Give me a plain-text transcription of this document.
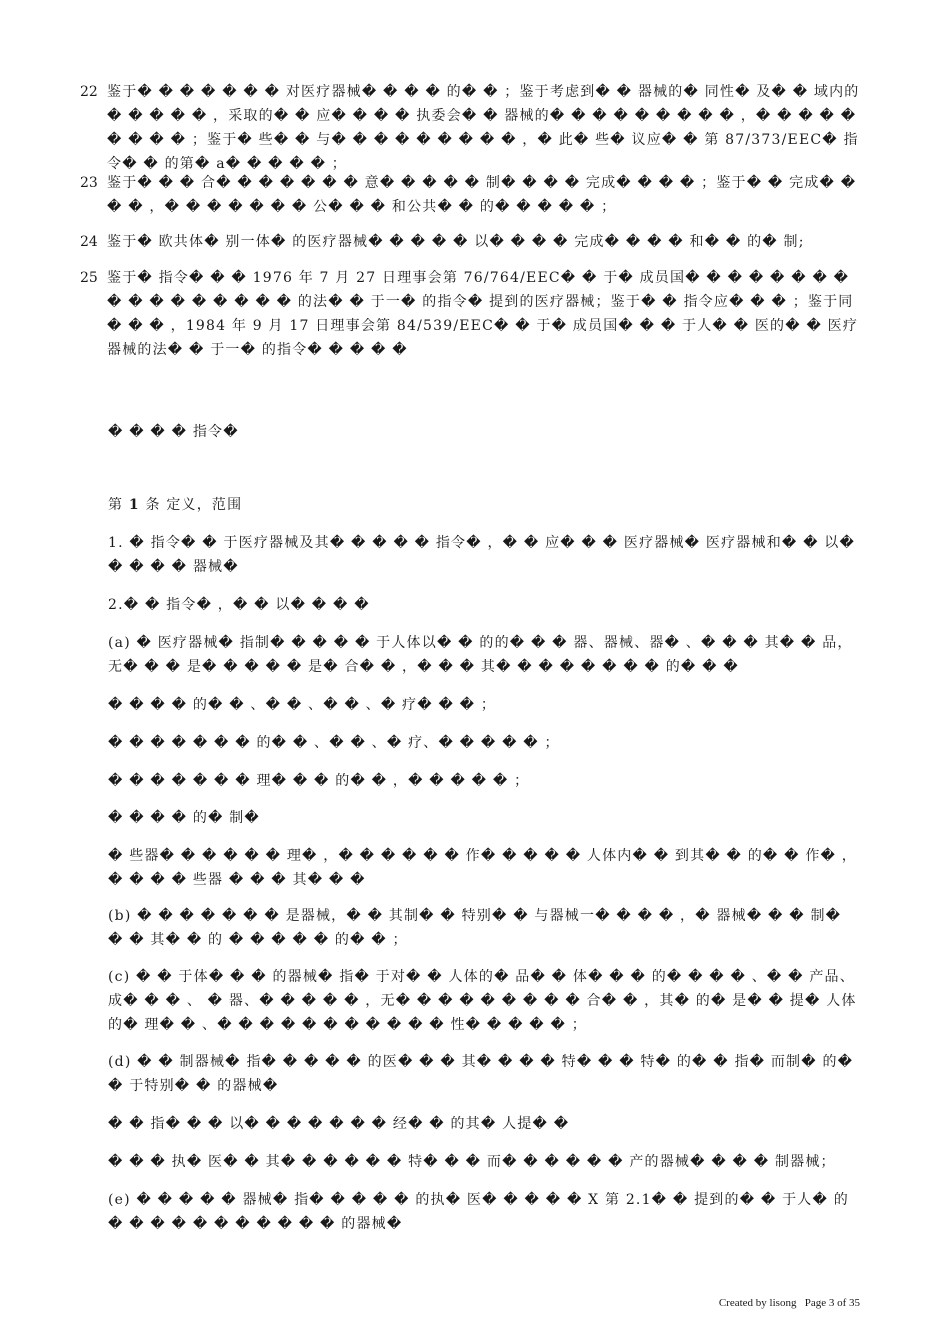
22 鉴于� � � � � � � 对医疗器械� � � � 的� � ；鉴于考虑到� � 器械的� 同性� 及� � 域内的� � � � � ，采取的� � 应� � � � 执委会� � 器械的� � � � � � � � � ，� � � � � � � � � ；鉴于� 些� � 与� � � � � � � � � ，� 此� 些� 议应� � 第 87/373/EEC� 指令� � 的第� a� � � � � ；
23 鉴于� � � 合� � � � � � � 意� � � � � 制� � � � 完成� � � � ；鉴于� � 完成� � � � ，� � � � � � � 公� � � 和公共� � 的� � � � � ；
24 鉴于� 欧共体� 别一体� 的医疗器械� � � � � 以� � � � 完成� � � � 和� � 的� 制;
25 鉴于� 指令� � � 1976 年 7 月 27 日理事会第 76/764/EEC� � 于� 成员国� � � � � � � � � � � � � � � � � 的法� � 于一� 的指令� 提到的医疗器械；鉴于� � 指令应� � � ；鉴于同� � � ，1984 年 9 月 17 日理事会第 84/539/EEC� � 于� 成员国� � � 于人� � 医的� � 医疗器械的法� � 于一� 的指令� � � � �
� � � � 指令�
第 1 条 定义，范围
1. � 指令� � 于医疗器械及其� � � � � 指令� ，� � 应� � � 医疗器械� 医疗器械和� � 以� � � � � 器械�
2.� � 指令� ，� � 以� � � �
(a) � 医疗器械� 指制� � � � � 于人体以� � 的的� � � 器、器械、器� 、� � � 其� � 品，无� � � 是� � � � � 是� 合� � ，� � � 其� � � � � � � � 的� � �
� � � � 的� � 、� � 、� � 、� 疗� � � ；
� � � � � � � 的� � 、� � 、� 疗、� � � � � ；
� � � � � � � 理� � � 的� � ，� � � � � ；
� � � � 的� 制�
� 些器� � � � � � 理� ，� � � � � � 作� � � � � 人体内� � 到其� � 的� � 作� ，� � � � 些器 � � � 其� � �
(b) � � � � � � � 是器械，� � 其制� � 特别� � 与器械一� � � � ，� 器械� � � 制� � � 其� � 的 � � � � � 的� � ；
(c) � � 于体� � � 的器械� 指� 于对� � 人体的� 品� � 体� � � 的� � � � 、� � 产品、成� � � 、 � 器、� � � � � ，无� � � � � � � � � 合� � ，其� 的� 是� � 提� 人体的� 理� � 、� � � � � � � � � � � 性� � � � � ；
(d) � � 制器械� 指� � � � � 的医� � � 其� � � � 特� � � 特� 的� � 指� 而制� 的� � 于特别� � 的器械�
� � 指� � � 以� � � � � � � 经� � 的其� 人提� �
� � � 执� 医� � 其� � � � � � 特� � � 而� � � � � � 产的器械� � � � 制器械；
(e) � � � � � 器械� 指� � � � � 的执� 医� � � � � X 第 2.1� � 提到的� � 于人� 的� � � � � � � � � � � 的器械�
Created by lisong Page 3 of 35
